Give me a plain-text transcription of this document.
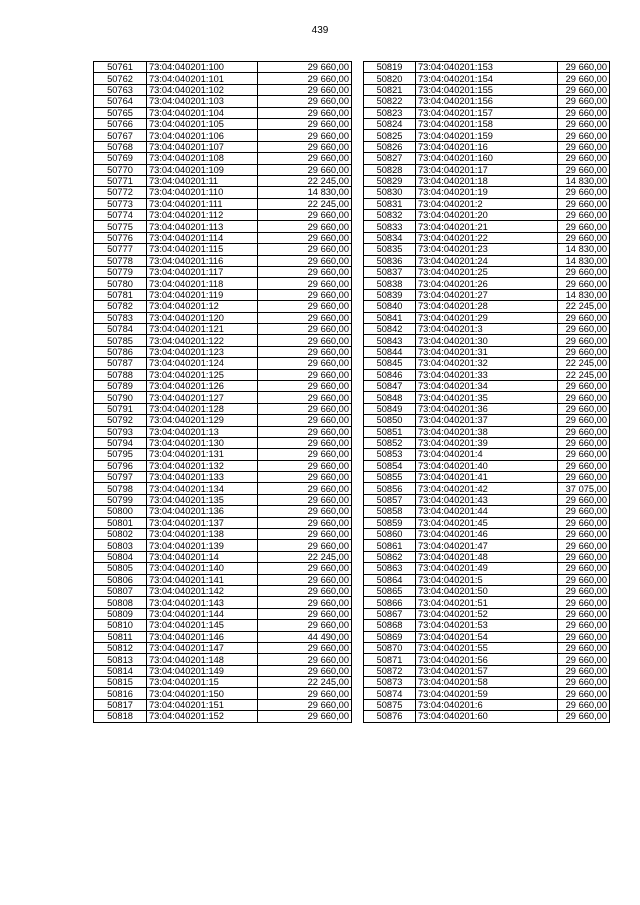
439
50761	73:04:040201:100	29 660,00
50762	73:04:040201:101	29 660,00
50763	73:04:040201:102	29 660,00
50764	73:04:040201:103	29 660,00
50765	73:04:040201:104	29 660,00
50766	73:04:040201:105	29 660,00
50767	73:04:040201:106	29 660,00
50768	73:04:040201:107	29 660,00
50769	73:04:040201:108	29 660,00
50770	73:04:040201:109	29 660,00
50771	73:04:040201:11	22 245,00
50772	73:04:040201:110	14 830,00
50773	73:04:040201:111	22 245,00
50774	73:04:040201:112	29 660,00
50775	73:04:040201:113	29 660,00
50776	73:04:040201:114	29 660,00
50777	73:04:040201:115	29 660,00
50778	73:04:040201:116	29 660,00
50779	73:04:040201:117	29 660,00
50780	73:04:040201:118	29 660,00
50781	73:04:040201:119	29 660,00
50782	73:04:040201:12	29 660,00
50783	73:04:040201:120	29 660,00
50784	73:04:040201:121	29 660,00
50785	73:04:040201:122	29 660,00
50786	73:04:040201:123	29 660,00
50787	73:04:040201:124	29 660,00
50788	73:04:040201:125	29 660,00
50789	73:04:040201:126	29 660,00
50790	73:04:040201:127	29 660,00
50791	73:04:040201:128	29 660,00
50792	73:04:040201:129	29 660,00
50793	73:04:040201:13	29 660,00
50794	73:04:040201:130	29 660,00
50795	73:04:040201:131	29 660,00
50796	73:04:040201:132	29 660,00
50797	73:04:040201:133	29 660,00
50798	73:04:040201:134	29 660,00
50799	73:04:040201:135	29 660,00
50800	73:04:040201:136	29 660,00
50801	73:04:040201:137	29 660,00
50802	73:04:040201:138	29 660,00
50803	73:04:040201:139	29 660,00
50804	73:04:040201:14	22 245,00
50805	73:04:040201:140	29 660,00
50806	73:04:040201:141	29 660,00
50807	73:04:040201:142	29 660,00
50808	73:04:040201:143	29 660,00
50809	73:04:040201:144	29 660,00
50810	73:04:040201:145	29 660,00
50811	73:04:040201:146	44 490,00
50812	73:04:040201:147	29 660,00
50813	73:04:040201:148	29 660,00
50814	73:04:040201:149	29 660,00
50815	73:04:040201:15	22 245,00
50816	73:04:040201:150	29 660,00
50817	73:04:040201:151	29 660,00
50818	73:04:040201:152	29 660,00
50819	73:04:040201:153	29 660,00
50820	73:04:040201:154	29 660,00
50821	73:04:040201:155	29 660,00
50822	73:04:040201:156	29 660,00
50823	73:04:040201:157	29 660,00
50824	73:04:040201:158	29 660,00
50825	73:04:040201:159	29 660,00
50826	73:04:040201:16	29 660,00
50827	73:04:040201:160	29 660,00
50828	73:04:040201:17	29 660,00
50829	73:04:040201:18	14 830,00
50830	73:04:040201:19	29 660,00
50831	73:04:040201:2	29 660,00
50832	73:04:040201:20	29 660,00
50833	73:04:040201:21	29 660,00
50834	73:04:040201:22	29 660,00
50835	73:04:040201:23	14 830,00
50836	73:04:040201:24	14 830,00
50837	73:04:040201:25	29 660,00
50838	73:04:040201:26	29 660,00
50839	73:04:040201:27	14 830,00
50840	73:04:040201:28	22 245,00
50841	73:04:040201:29	29 660,00
50842	73:04:040201:3	29 660,00
50843	73:04:040201:30	29 660,00
50844	73:04:040201:31	29 660,00
50845	73:04:040201:32	22 245,00
50846	73:04:040201:33	22 245,00
50847	73:04:040201:34	29 660,00
50848	73:04:040201:35	29 660,00
50849	73:04:040201:36	29 660,00
50850	73:04:040201:37	29 660,00
50851	73:04:040201:38	29 660,00
50852	73:04:040201:39	29 660,00
50853	73:04:040201:4	29 660,00
50854	73:04:040201:40	29 660,00
50855	73:04:040201:41	29 660,00
50856	73:04:040201:42	37 075,00
50857	73:04:040201:43	29 660,00
50858	73:04:040201:44	29 660,00
50859	73:04:040201:45	29 660,00
50860	73:04:040201:46	29 660,00
50861	73:04:040201:47	29 660,00
50862	73:04:040201:48	29 660,00
50863	73:04:040201:49	29 660,00
50864	73:04:040201:5	29 660,00
50865	73:04:040201:50	29 660,00
50866	73:04:040201:51	29 660,00
50867	73:04:040201:52	29 660,00
50868	73:04:040201:53	29 660,00
50869	73:04:040201:54	29 660,00
50870	73:04:040201:55	29 660,00
50871	73:04:040201:56	29 660,00
50872	73:04:040201:57	29 660,00
50873	73:04:040201:58	29 660,00
50874	73:04:040201:59	29 660,00
50875	73:04:040201:6	29 660,00
50876	73:04:040201:60	29 660,00
